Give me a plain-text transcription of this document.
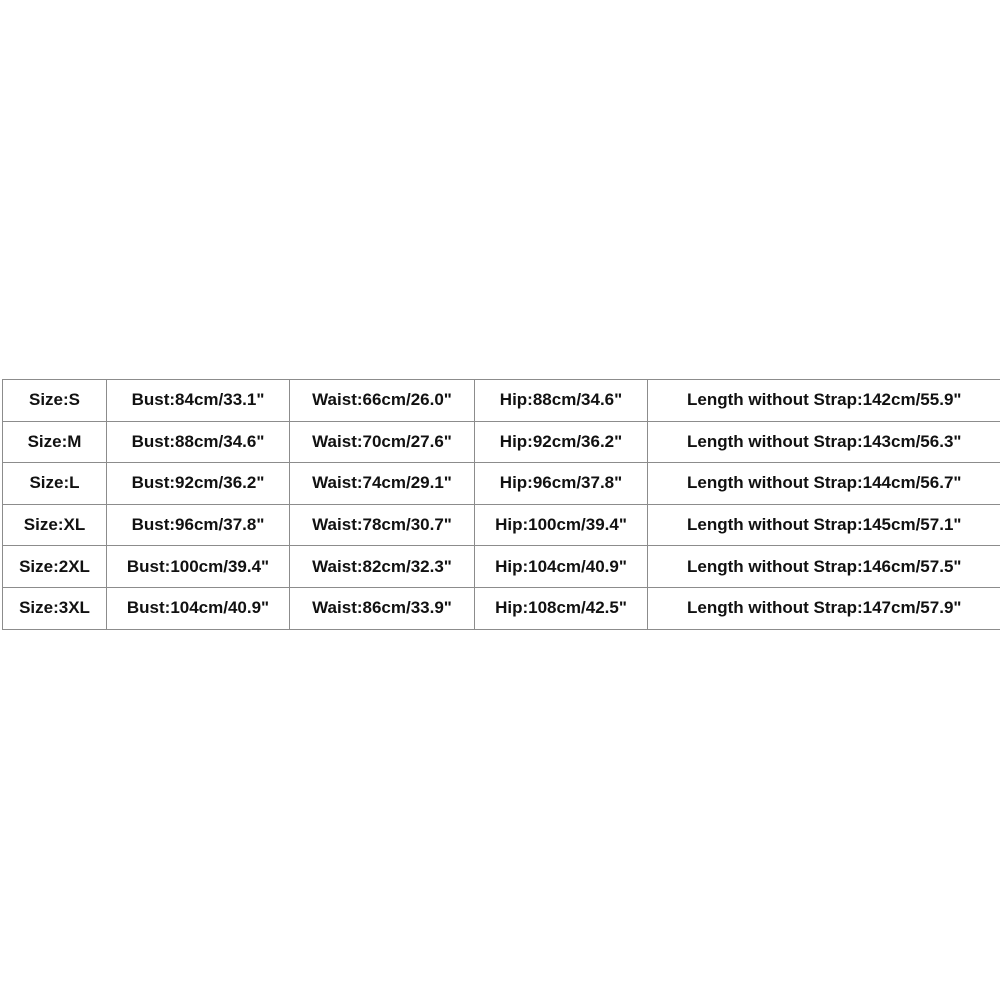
Size:S	Bust:84cm/33.1"	Waist:66cm/26.0"	Hip:88cm/34.6"	Length without Strap:142cm/55.9"
Size:M	Bust:88cm/34.6"	Waist:70cm/27.6"	Hip:92cm/36.2"	Length without Strap:143cm/56.3"
Size:L	Bust:92cm/36.2"	Waist:74cm/29.1"	Hip:96cm/37.8"	Length without Strap:144cm/56.7"
Size:XL	Bust:96cm/37.8"	Waist:78cm/30.7"	Hip:100cm/39.4"	Length without Strap:145cm/57.1"
Size:2XL	Bust:100cm/39.4"	Waist:82cm/32.3"	Hip:104cm/40.9"	Length without Strap:146cm/57.5"
Size:3XL	Bust:104cm/40.9"	Waist:86cm/33.9"	Hip:108cm/42.5"	Length without Strap:147cm/57.9"
